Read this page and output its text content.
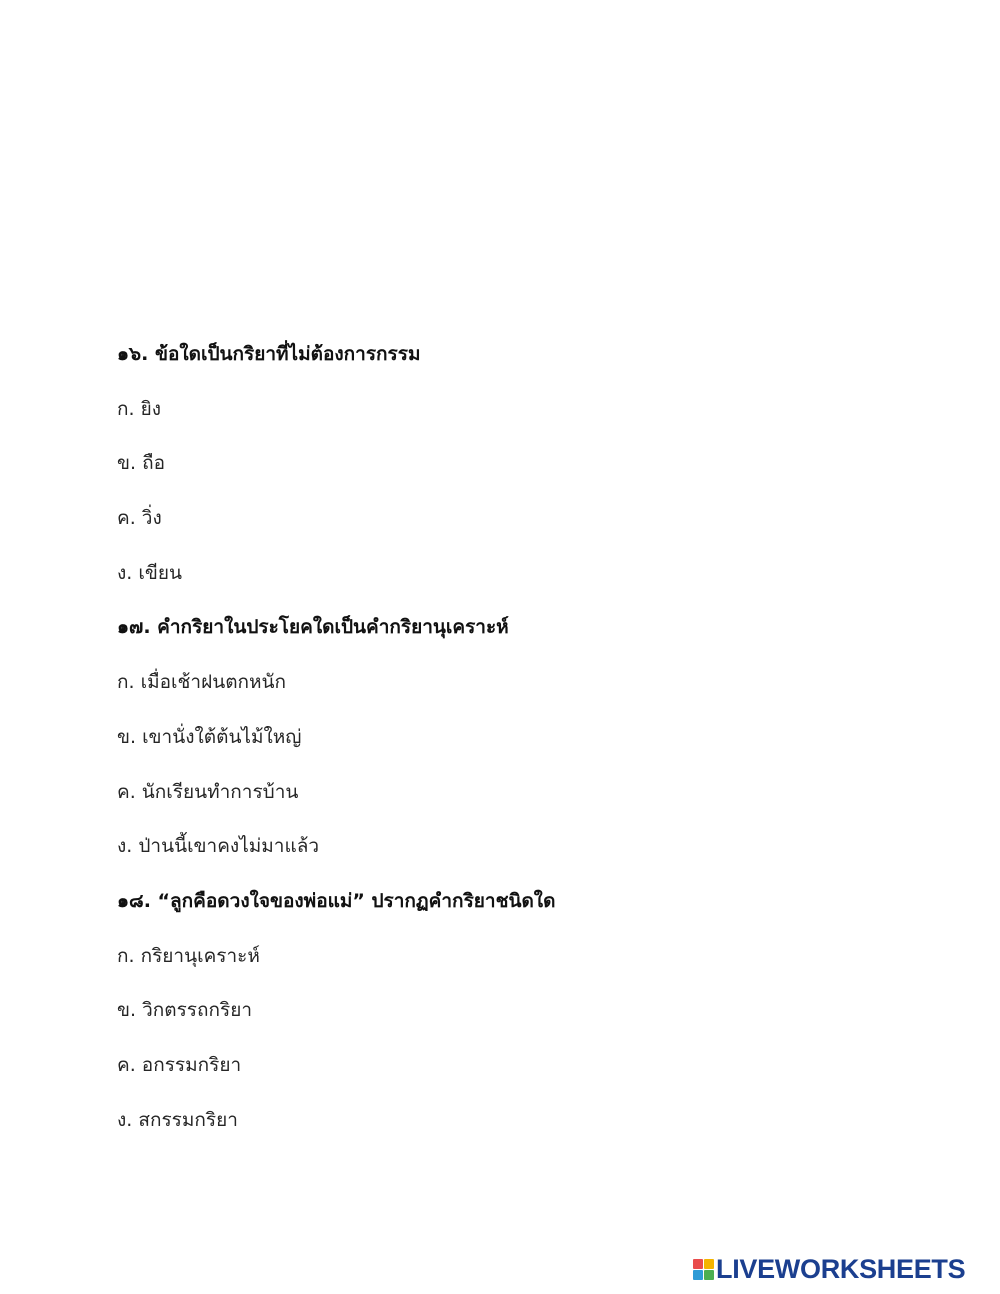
๑๖. ข้อใดเป็นกริยาที่ไม่ต้องการกรรม
ก. ยิง
ข. ถือ
ค. วิ่ง
ง. เขียน
๑๗. คำกริยาในประโยคใดเป็นคำกริยานุเคราะห์
ก. เมื่อเช้าฝนตกหนัก
ข. เขานั่งใต้ต้นไม้ใหญ่
ค. นักเรียนทำการบ้าน
ง. ป่านนี้เขาคงไม่มาแล้ว
๑๘. “ลูกคือดวงใจของพ่อแม่” ปรากฏคำกริยาชนิดใด
ก. กริยานุเคราะห์
ข. วิกตรรถกริยา
ค. อกรรมกริยา
ง. สกรรมกริยา
LIVEWORKSHEETS
